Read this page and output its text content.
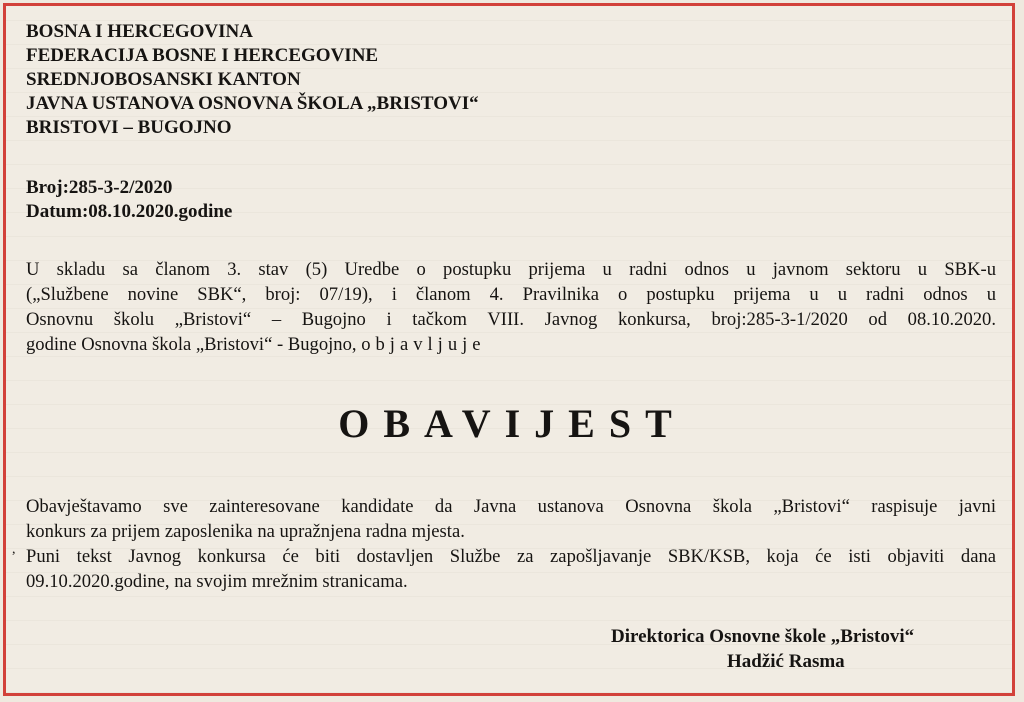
BOSNA I HERCEGOVINA

FEDERACIJA BOSNE I HERCEGOVINE

SREDNJOBOSANSKI KANTON

JAVNA USTANOVA OSNOVNA ŠKOLA „BRISTOVI“

BRISTOVI – BUGOJNO

Broj:285-3-2/2020

Datum:08.10.2020.godine

U skladu sa članom 3. stav (5) Uredbe o postupku prijema u radni odnos u javnom sektoru u SBK-u

(„Službene novine SBK“, broj: 07/19), i članom 4. Pravilnika o postupku prijema u u radni odnos u

Osnovnu školu „Bristovi“ – Bugojno i tačkom VIII. Javnog konkursa, broj:285-3-1/2020 od 08.10.2020.

godine Osnovna škola „Bristovi“ - Bugojno, objavljuje

OBAVIJEST

Obavještavamo sve zainteresovane kandidate da Javna ustanova Osnovna škola „Bristovi“ raspisuje javni

konkurs za prijem zaposlenika na upražnjena radna mjesta.

Puni tekst Javnog konkursa će biti dostavljen Službe za zapošljavanje SBK/KSB, koja će isti objaviti dana

09.10.2020.godine, na svojim mrežnim stranicama.

,

Direktorica Osnovne škole „Bristovi“

Hadžić Rasma
